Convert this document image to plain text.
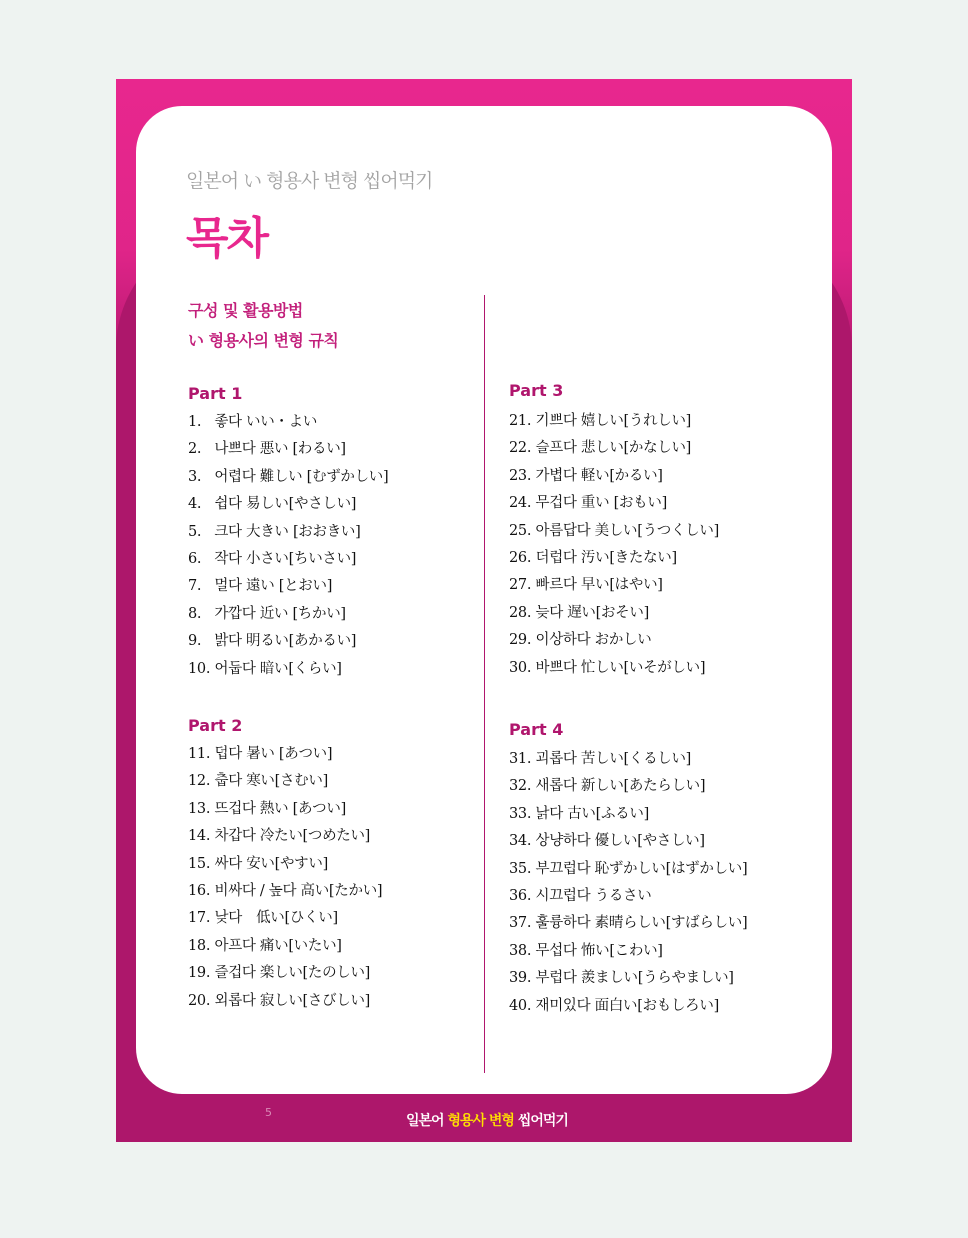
일본어 い 형용사 변형 씹어먹기
목차
구성 및 활용방법
い 형용사의 변형 규칙
Part 1
1. 좋다 いい・よい
2. 나쁘다 悪い [わるい]
3. 어렵다 難しい [むずかしい]
4. 쉽다 易しい[やさしい]
5. 크다 大きい [おおきい]
6. 작다 小さい[ちいさい]
7. 멀다 遠い [とおい]
8. 가깝다 近い [ちかい]
9. 밝다 明るい[あかるい]
10. 어둡다 暗い[くらい]
Part 2
11. 덥다 暑い [あつい]
12. 춥다 寒い[さむい]
13. 뜨겁다 熱い [あつい]
14. 차갑다 冷たい[つめたい]
15. 싸다 安い[やすい]
16. 비싸다 / 높다 高い[たかい]
17. 낮다　低い[ひくい]
18. 아프다 痛い[いたい]
19. 즐겁다 楽しい[たのしい]
20. 외롭다 寂しい[さびしい]
Part 3
21. 기쁘다 嬉しい[うれしい]
22. 슬프다 悲しい[かなしい]
23. 가볍다 軽い[かるい]
24. 무겁다 重い [おもい]
25. 아름답다 美しい[うつくしい]
26. 더럽다 汚い[きたない]
27. 빠르다 早い[はやい]
28. 늦다 遅い[おそい]
29. 이상하다 おかしい
30. 바쁘다 忙しい[いそがしい]
Part 4
31. 괴롭다 苦しい[くるしい]
32. 새롭다 新しい[あたらしい]
33. 낡다 古い[ふるい]
34. 상냥하다 優しい[やさしい]
35. 부끄럽다 恥ずかしい[はずかしい]
36. 시끄럽다 うるさい
37. 훌륭하다 素晴らしい[すばらしい]
38. 무섭다 怖い[こわい]
39. 부럽다 羨ましい[うらやましい]
40. 재미있다 面白い[おもしろい]
5
일본어 형용사 변형 씹어먹기
